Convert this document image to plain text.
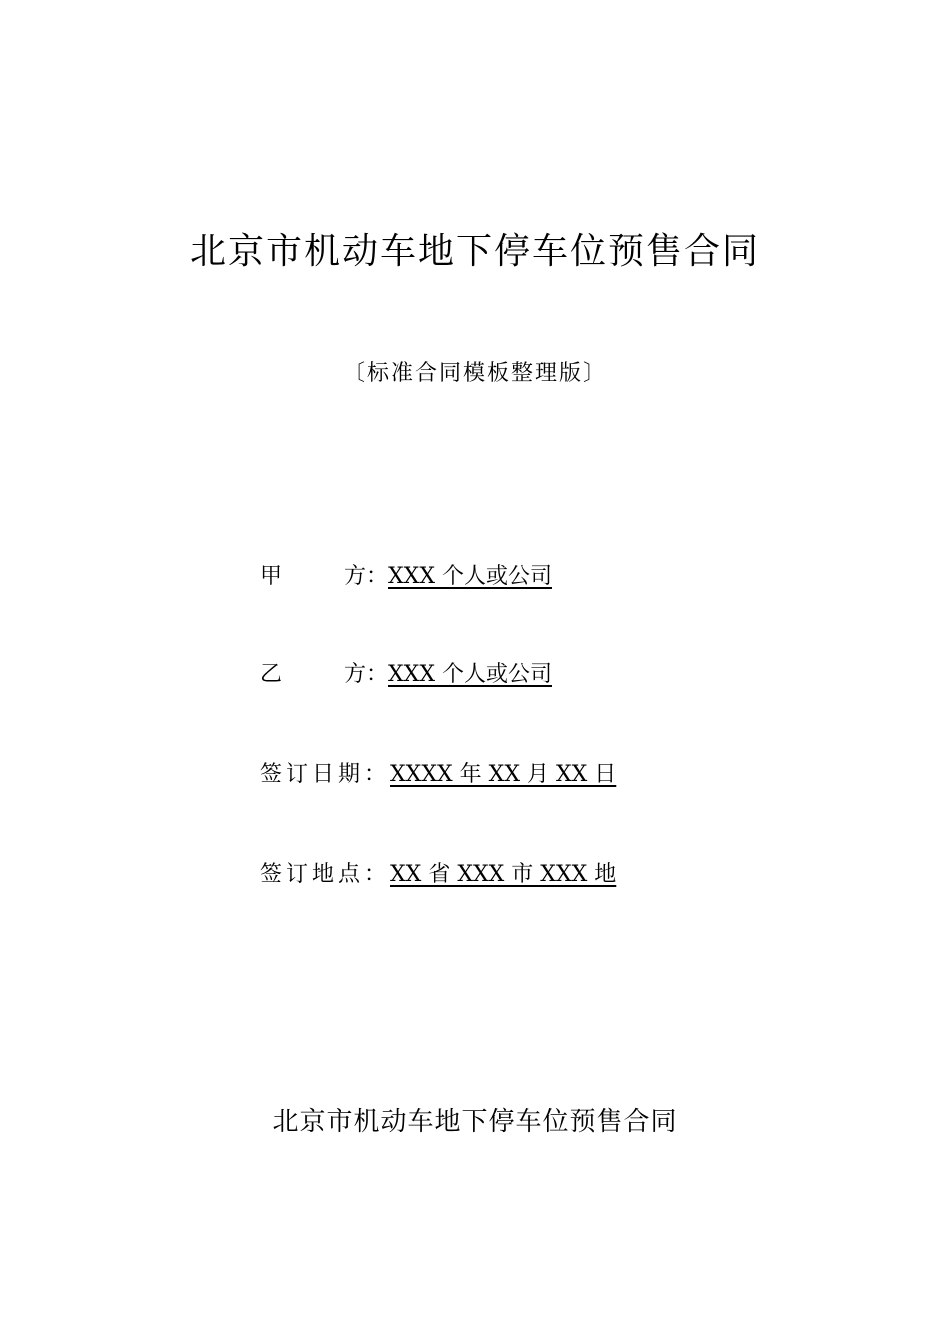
北京市机动车地下停车位预售合同
〔标准合同模板整理版〕
甲	方： XXX 个人或公司
乙	方： XXX 个人或公司
签订日期：XXXX 年 XX 月 XX 日
签订地点：XX 省 XXX 市 XXX 地
北京市机动车地下停车位预售合同
